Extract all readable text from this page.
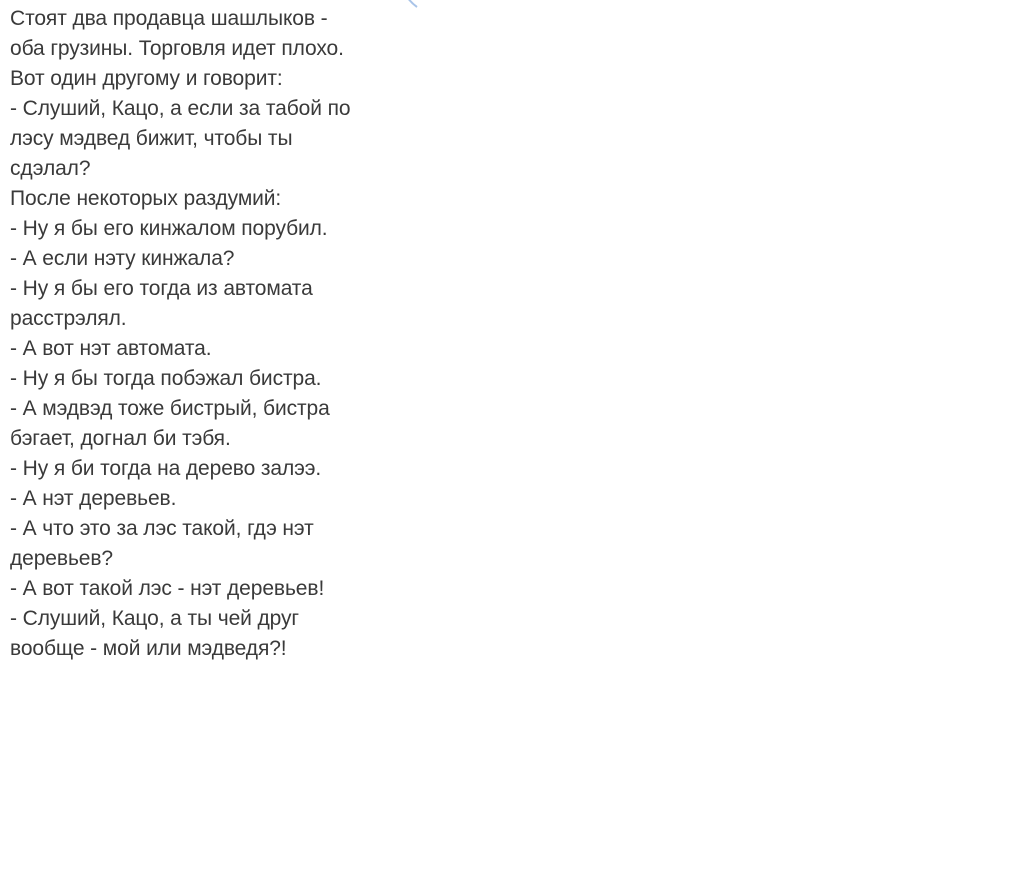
Стоят два продавца шашлыков -

оба грузины. Торговля идет плохо.

Вот один другому и говорит:

- Слуший, Кацо, а если за табой по

лэсу мэдвед бижит, чтобы ты

сдэлал?

После некоторых раздумий:

- Ну я бы его кинжалом порубил.

- А если нэту кинжала?

- Ну я бы его тогда из автомата

расстрэлял.

- А вот нэт автомата.

- Ну я бы тогда побэжал бистра.

- А мэдвэд тоже бистрый, бистра

бэгает, догнал би тэбя.

- Ну я би тогда на дерево залээ.

- А нэт деревьев.

- А что это за лэс такой, гдэ нэт

деревьев?

- А вот такой лэс - нэт деревьев!

- Слуший, Кацо, а ты чей друг

вообще - мой или мэдведя?!
